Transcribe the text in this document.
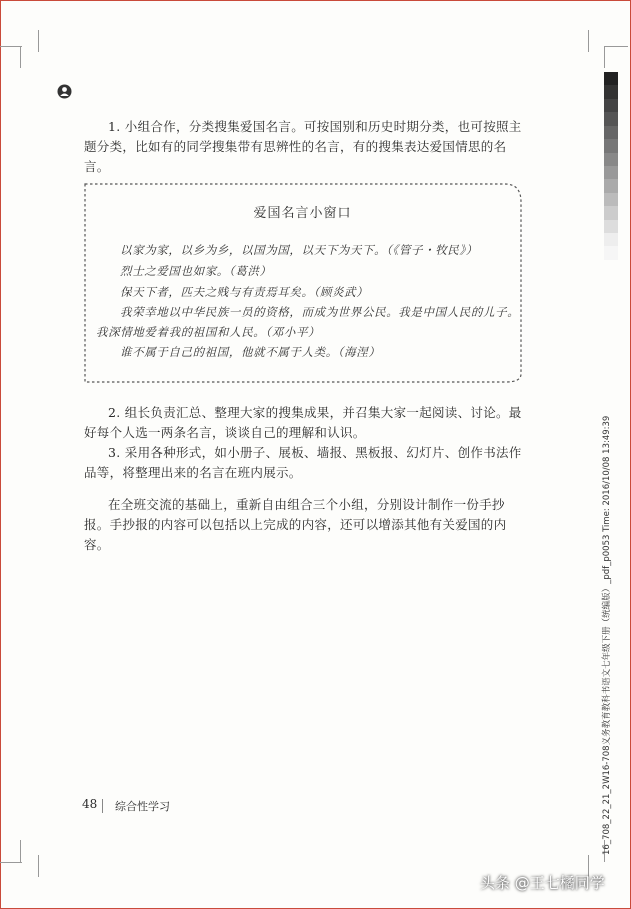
1. 小组合作，分类搜集爱国名言。可按国别和历史时期分类，也可按照主题分类，比如有的同学搜集带有思辨性的名言，有的搜集表达爱国情思的名言。

爱国名言小窗口
以家为家，以乡为乡，以国为国，以天下为天下。（《管子・牧民》）
烈士之爱国也如家。（葛洪）
保天下者，匹夫之贱与有责焉耳矣。（顾炎武）
我荣幸地以中华民族一员的资格，而成为世界公民。我是中国人民的儿子。
我深情地爱着我的祖国和人民。（邓小平）
谁不属于自己的祖国，他就不属于人类。（海涅）

2. 组长负责汇总、整理大家的搜集成果，并召集大家一起阅读、讨论。最好每个人选一两条名言，谈谈自己的理解和认识。
3. 采用各种形式，如小册子、展板、墙报、黑板报、幻灯片、创作书法作品等，将整理出来的名言在班内展示。

在全班交流的基础上，重新自由组合三个小组，分别设计制作一份手抄报。手抄报的内容可以包括以上完成的内容，还可以增添其他有关爱国的内容。

48 综合性学习	16_708_22_21_2W16-708义务教育教科书语文七年级下册（统编版）_pdf_p0053 Time: 2016/10/08 13:49:39
头条 @王七橘同学
